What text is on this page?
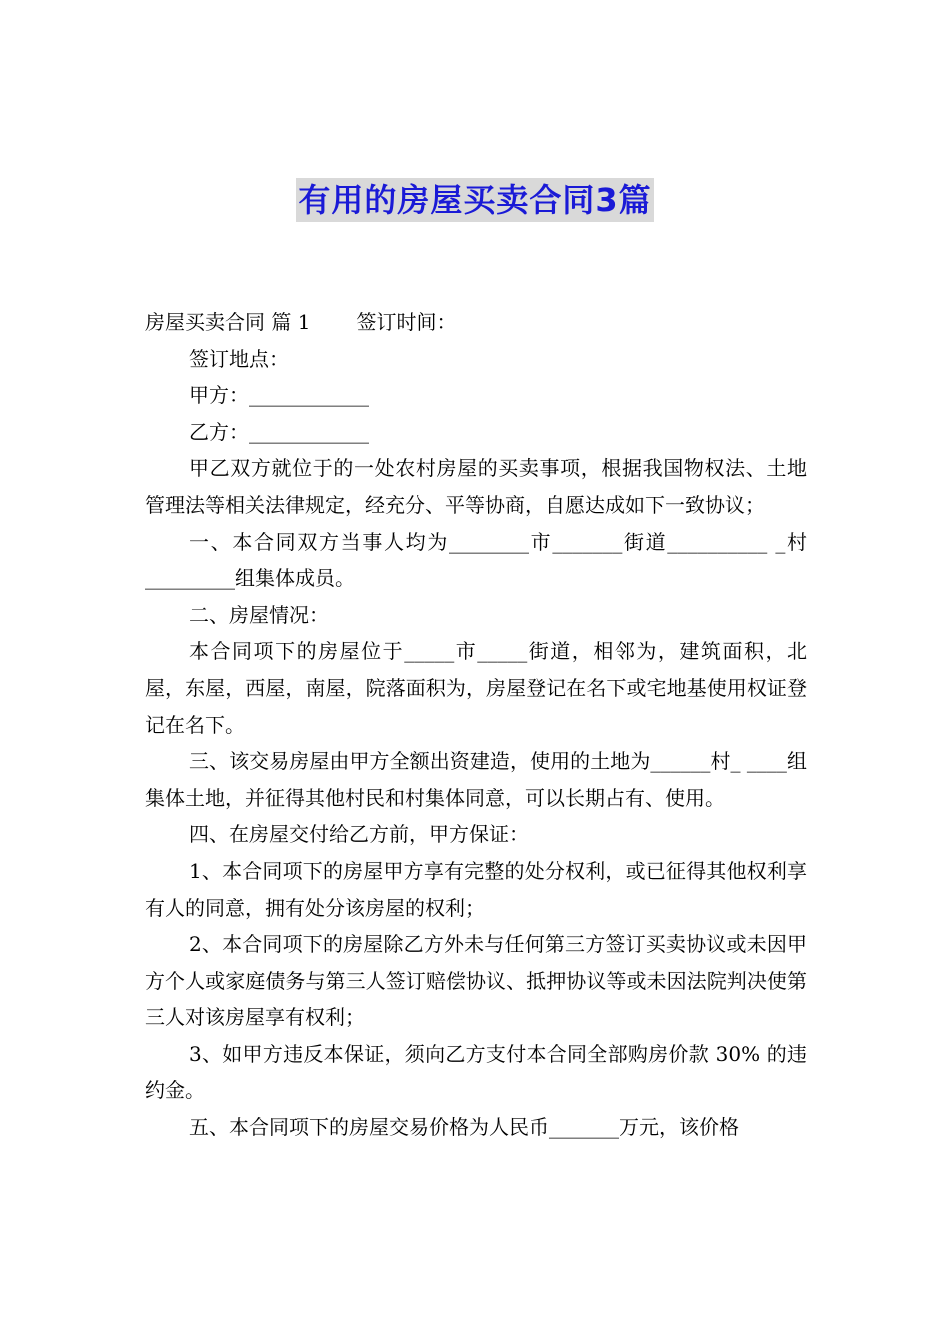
有用的房屋买卖合同3篇

房屋买卖合同 篇 1 签订时间：

签订地点：

甲方：____________

乙方：____________

甲乙双方就位于的一处农村房屋的买卖事项，根据我国物权法、土地管理法等相关法律规定，经充分、平等协商，自愿达成如下一致协议；

一、本合同双方当事人均为________市_______街道__________ _村_________组集体成员。

二、房屋情况：

本合同项下的房屋位于_____市_____街道，相邻为，建筑面积，北屋，东屋，西屋，南屋，院落面积为，房屋登记在名下或宅地基使用权证登记在名下。

三、该交易房屋由甲方全额出资建造，使用的土地为______村_ ____组集体土地，并征得其他村民和村集体同意，可以长期占有、使用。

四、在房屋交付给乙方前，甲方保证：

1、本合同项下的房屋甲方享有完整的处分权利，或已征得其他权利享有人的同意，拥有处分该房屋的权利；

2、本合同项下的房屋除乙方外未与任何第三方签订买卖协议或未因甲方个人或家庭债务与第三人签订赔偿协议、抵押协议等或未因法院判决使第三人对该房屋享有权利；

3、如甲方违反本保证，须向乙方支付本合同全部购房价款 30% 的违约金。

五、本合同项下的房屋交易价格为人民币_______万元，该价格
